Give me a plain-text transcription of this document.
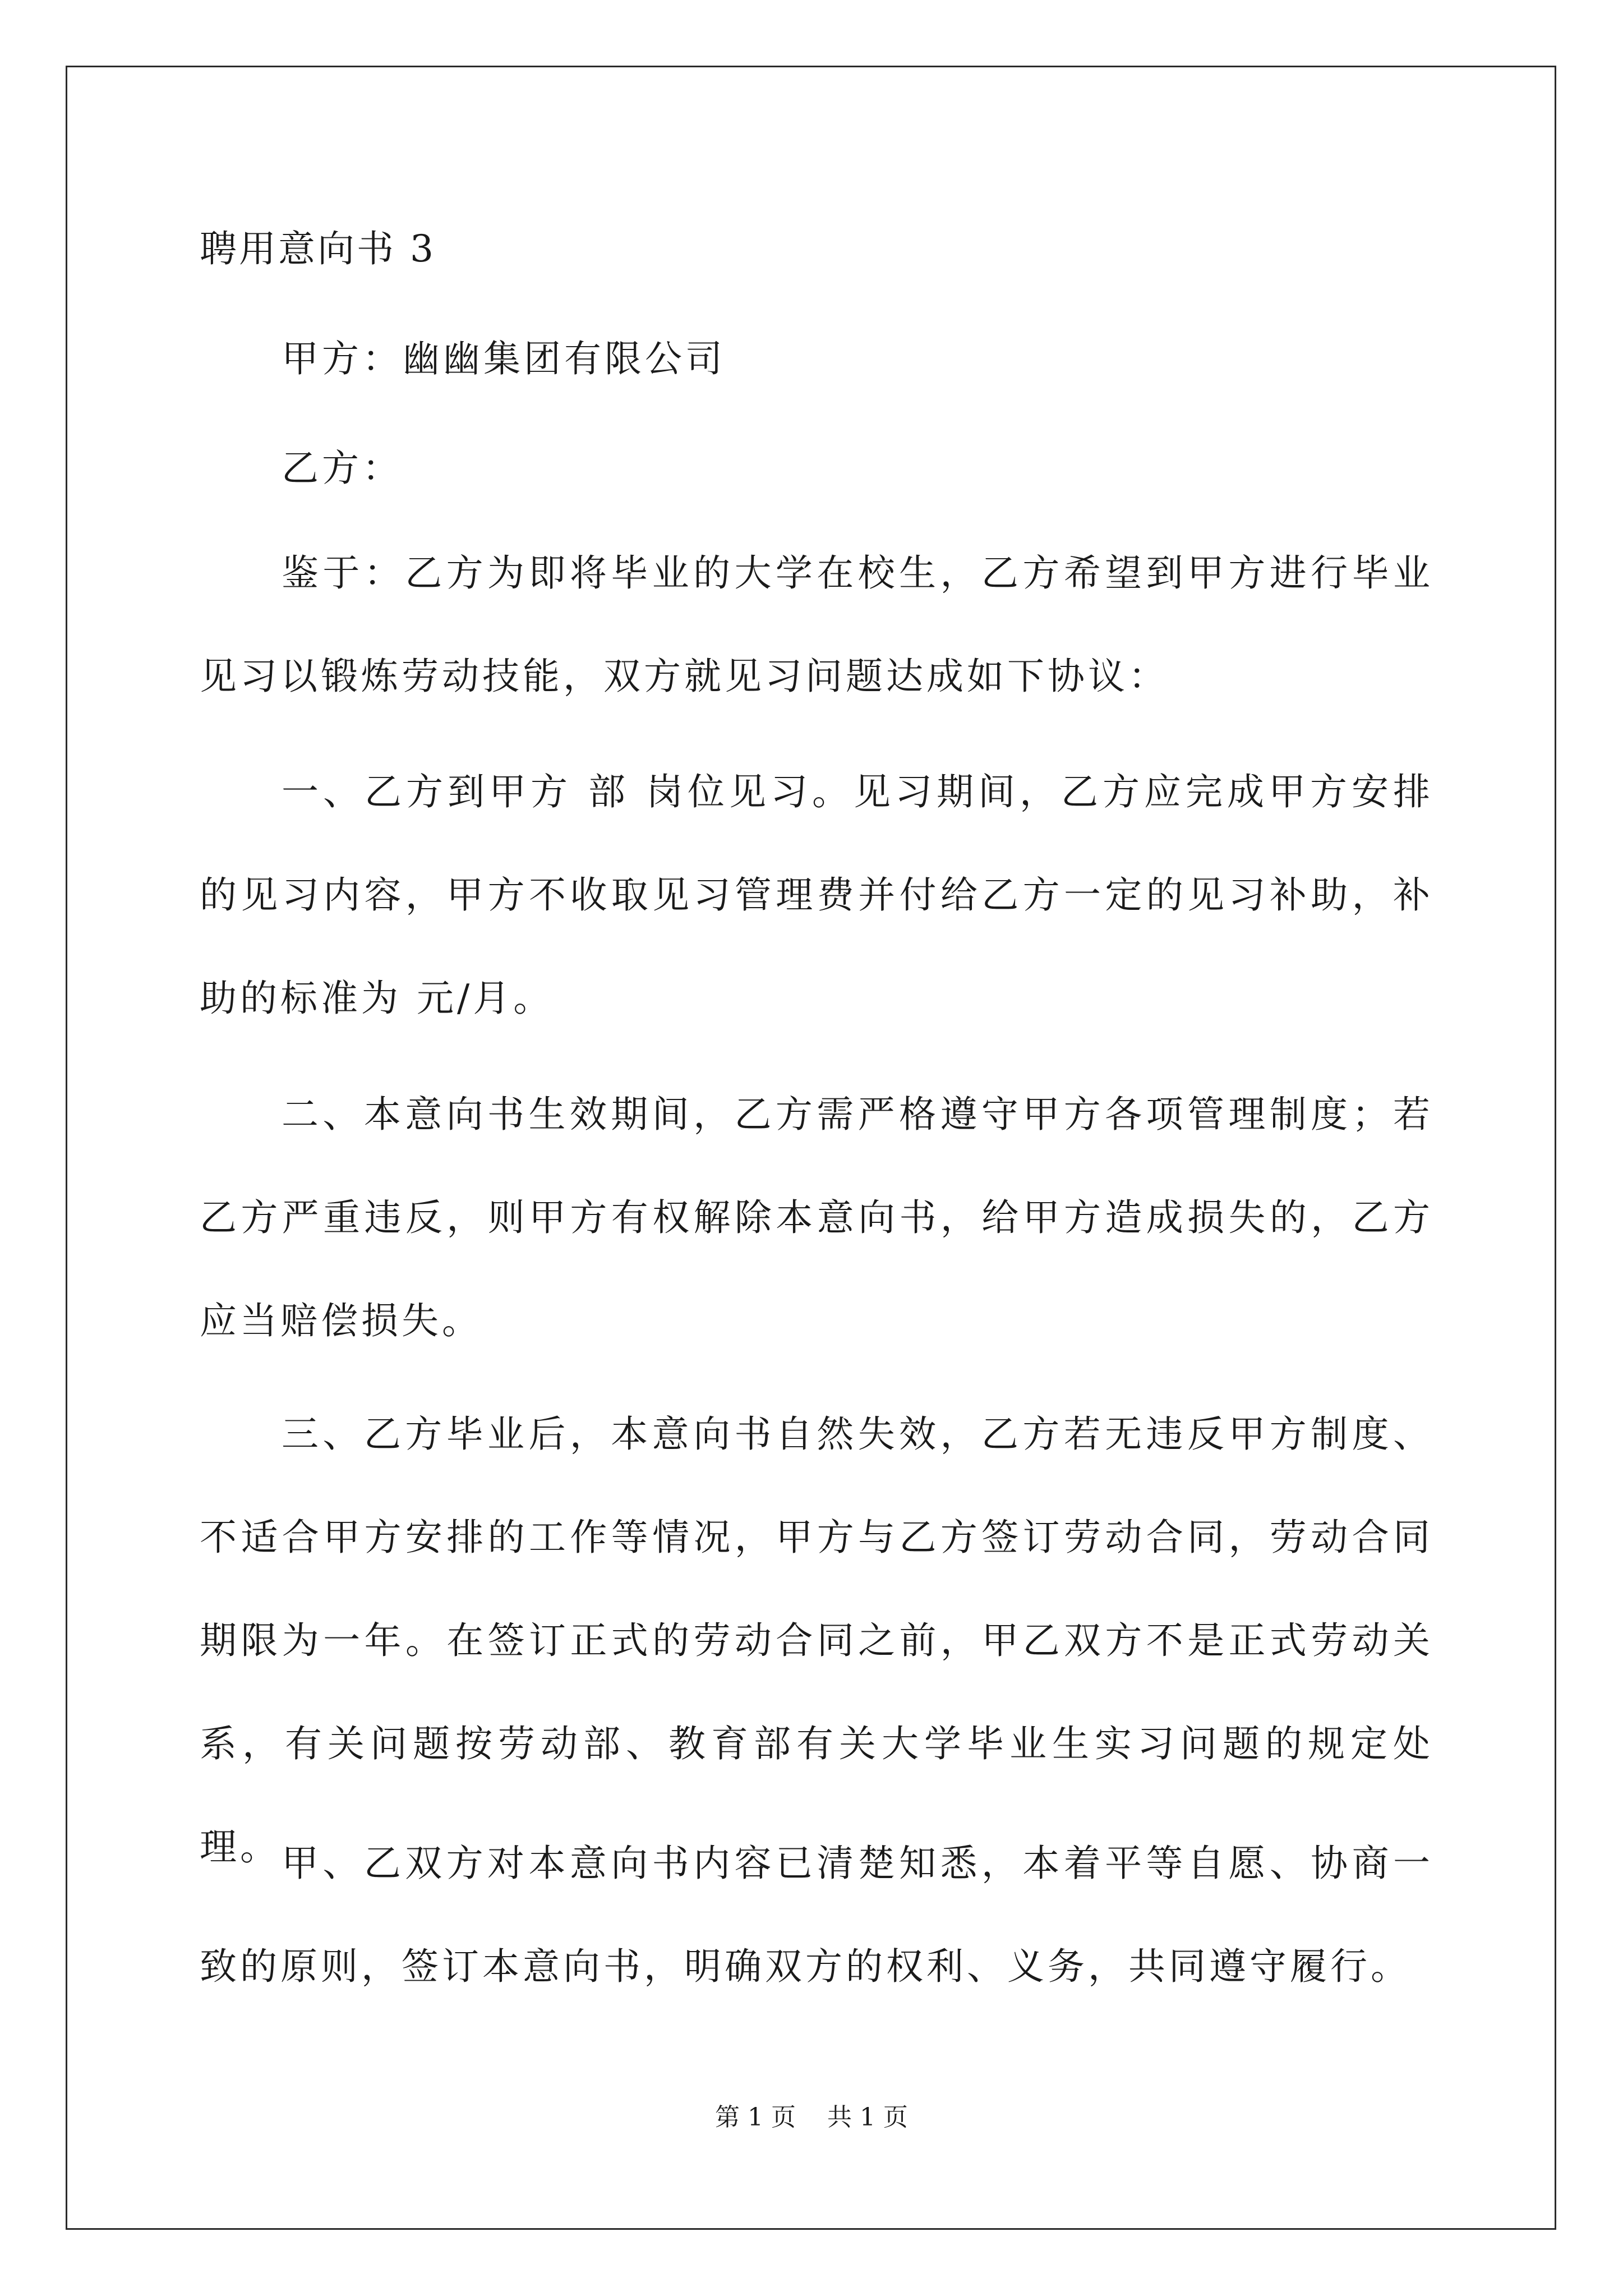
聘用意向书 3
甲方：幽幽集团有限公司
乙方：

鉴于：乙方为即将毕业的大学在校生，乙方希望到甲方进行毕业见习以锻炼劳动技能，双方就见习问题达成如下协议：

一、乙方到甲方 部 岗位见习。见习期间，乙方应完成甲方安排的见习内容，甲方不收取见习管理费并付给乙方一定的见习补助，补助的标准为 元/月。

二、本意向书生效期间，乙方需严格遵守甲方各项管理制度；若乙方严重违反，则甲方有权解除本意向书，给甲方造成损失的，乙方应当赔偿损失。

三、乙方毕业后，本意向书自然失效，乙方若无违反甲方制度、不适合甲方安排的工作等情况，甲方与乙方签订劳动合同，劳动合同期限为一年。在签订正式的劳动合同之前，甲乙双方不是正式劳动关系，有关问题按劳动部、教育部有关大学毕业生实习问题的规定处理。 甲、乙双方对本意向书内容已清楚知悉，本着平等自愿、协商一致的原则，签订本意向书，明确双方的权利、义务，共同遵守履行。

第 1 页    共 1 页
